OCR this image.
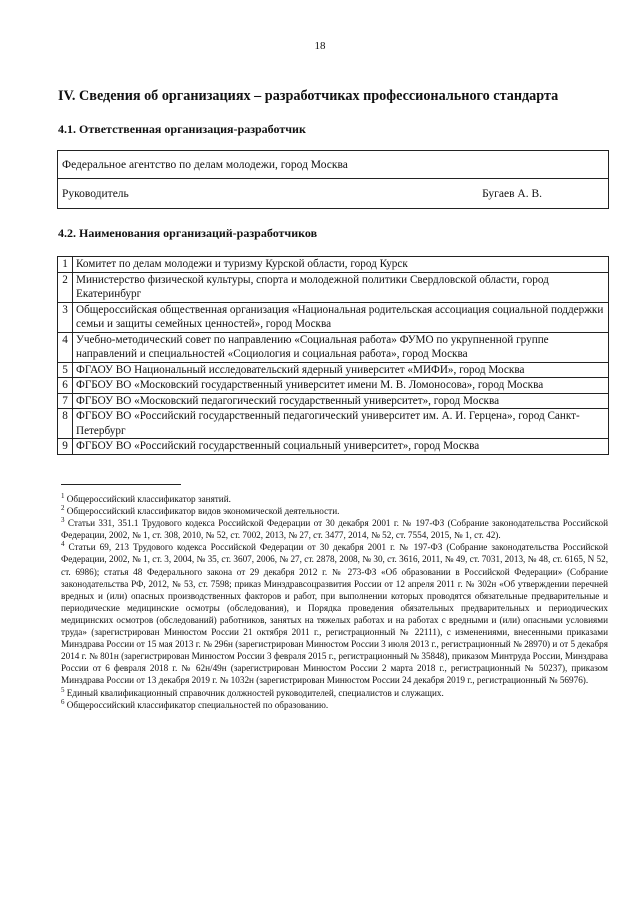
18
IV. Сведения об организациях – разработчиках профессионального стандарта
4.1. Ответственная организация-разработчик
Федеральное агентство по делам молодежи, город Москва
Руководитель	Бугаев А. В.
4.2. Наименования организаций-разработчиков
1	Комитет по делам молодежи и туризму Курской области, город Курск
2	Министерство физической культуры, спорта и молодежной политики Свердловской области, город Екатеринбург
3	Общероссийская общественная организация «Национальная родительская ассоциация социальной поддержки семьи и защиты семейных ценностей», город Москва
4	Учебно-методический совет по направлению «Социальная работа» ФУМО по укрупненной группе направлений и специальностей «Социология и социальная работа», город Москва
5	ФГАОУ ВО Национальный исследовательский ядерный университет «МИФИ», город Москва
6	ФГБОУ ВО «Московский государственный университет имени М. В. Ломоносова», город Москва
7	ФГБОУ ВО «Московский педагогический государственный университет», город Москва
8	ФГБОУ ВО «Российский государственный педагогический университет им. А. И. Герцена», город Санкт-Петербург
9	ФГБОУ ВО «Российский государственный социальный университет», город Москва

$^1$ Общероссийский классификатор занятий.

$^2$ Общероссийский классификатор видов экономической деятельности.

$^3$ Статьи 331, 351.1 Трудового кодекса Российской Федерации от 30 декабря 2001 г. № 197-ФЗ (Собрание законодательства Российской Федерации, 2002, № 1, ст. 308, 2010, № 52, ст. 7002, 2013, № 27, ст. 3477, 2014, № 52, ст. 7554, 2015, № 1, ст. 42).

$^4$ Статьи 69, 213 Трудового кодекса Российской Федерации от 30 декабря 2001 г. № 197-ФЗ (Собрание законодательства Российской Федерации, 2002, № 1, ст. 3, 2004, № 35, ст. 3607, 2006, № 27, ст. 2878, 2008, № 30, ст. 3616, 2011, № 49, ст. 7031, 2013, № 48, ст. 6165, N 52, ст. 6986); статья 48 Федерального закона от 29 декабря 2012 г. № 273-ФЗ «Об образовании в Российской Федерации» (Собрание законодательства РФ, 2012, № 53, ст. 7598; приказ Минздравсоцразвития России от 12 апреля 2011 г. № 302н «Об утверждении перечней вредных и (или) опасных производственных факторов и работ, при выполнении которых проводятся обязательные предварительные и периодические медицинские осмотры (обследования), и Порядка проведения обязательных предварительных и периодических медицинских осмотров (обследований) работников, занятых на тяжелых работах и на работах с вредными и (или) опасными условиями труда» (зарегистрирован Минюстом России 21 октября 2011 г., регистрационный № 22111), с изменениями, внесенными приказами Минздрава России от 15 мая 2013 г. № 296н (зарегистрирован Минюстом России 3 июля 2013 г., регистрационный № 28970) и от 5 декабря 2014 г. № 801н (зарегистрирован Минюстом России 3 февраля 2015 г., регистрационный № 35848), приказом Минтруда России, Минздрава России от 6 февраля 2018 г. № 62н/49н (зарегистрирован Минюстом России 2 марта 2018 г., регистрационный № 50237), приказом Минздрава России от 13 декабря 2019 г. № 1032н (зарегистрирован Минюстом России 24 декабря 2019 г., регистрационный № 56976).

$^5$ Единый квалификационный справочник должностей руководителей, специалистов и служащих.

$^6$ Общероссийский классификатор специальностей по образованию.
